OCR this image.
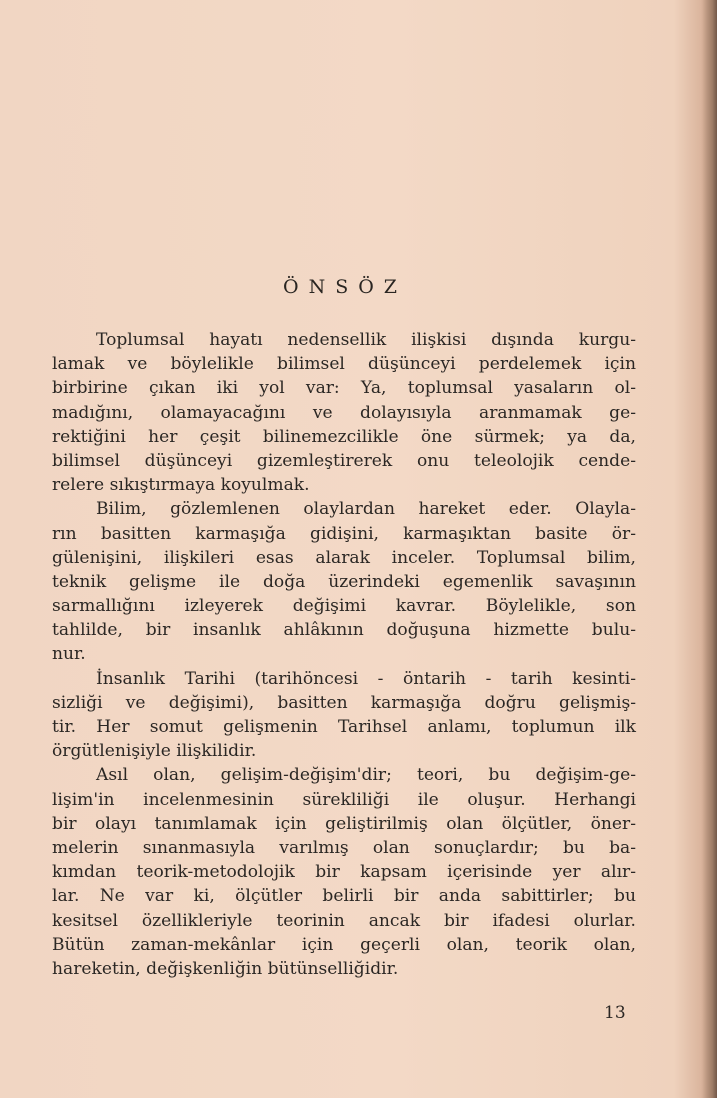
ÖNSÖZ
Toplumsal hayatı nedensellik ilişkisi dışında kurgu-
lamak ve böylelikle bilimsel düşünceyi perdelemek için
birbirine çıkan iki yol var: Ya, toplumsal yasaların ol-
madığını, olamayacağını ve dolayısıyla aranmamak ge-
rektiğini her çeşit bilinemezcilikle öne sürmek; ya da,
bilimsel düşünceyi gizemleştirerek onu teleolojik cende-
relere sıkıştırmaya koyulmak.
Bilim, gözlemlenen olaylardan hareket eder. Olayla-
rın basitten karmaşığa gidişini, karmaşıktan basite ör-
gülenişini, ilişkileri esas alarak inceler. Toplumsal bilim,
teknik gelişme ile doğa üzerindeki egemenlik savaşının
sarmallığını izleyerek değişimi kavrar. Böylelikle, son
tahlilde, bir insanlık ahlâkının doğuşuna hizmette bulu-
nur.
İnsanlık Tarihi (tarihöncesi - öntarih - tarih kesinti-
sizliği ve değişimi), basitten karmaşığa doğru gelişmiş-
tir. Her somut gelişmenin Tarihsel anlamı, toplumun ilk
örgütlenişiyle ilişkilidir.
Asıl olan, gelişim-değişim'dir; teori, bu değişim-ge-
lişim'in incelenmesinin sürekliliği ile oluşur. Herhangi
bir olayı tanımlamak için geliştirilmiş olan ölçütler, öner-
melerin sınanmasıyla varılmış olan sonuçlardır; bu ba-
kımdan teorik-metodolojik bir kapsam içerisinde yer alır-
lar. Ne var ki, ölçütler belirli bir anda sabittirler; bu
kesitsel özellikleriyle teorinin ancak bir ifadesi olurlar.
Bütün zaman-mekânlar için geçerli olan, teorik olan,
hareketin, değişkenliğin bütünselliğidir.
13
